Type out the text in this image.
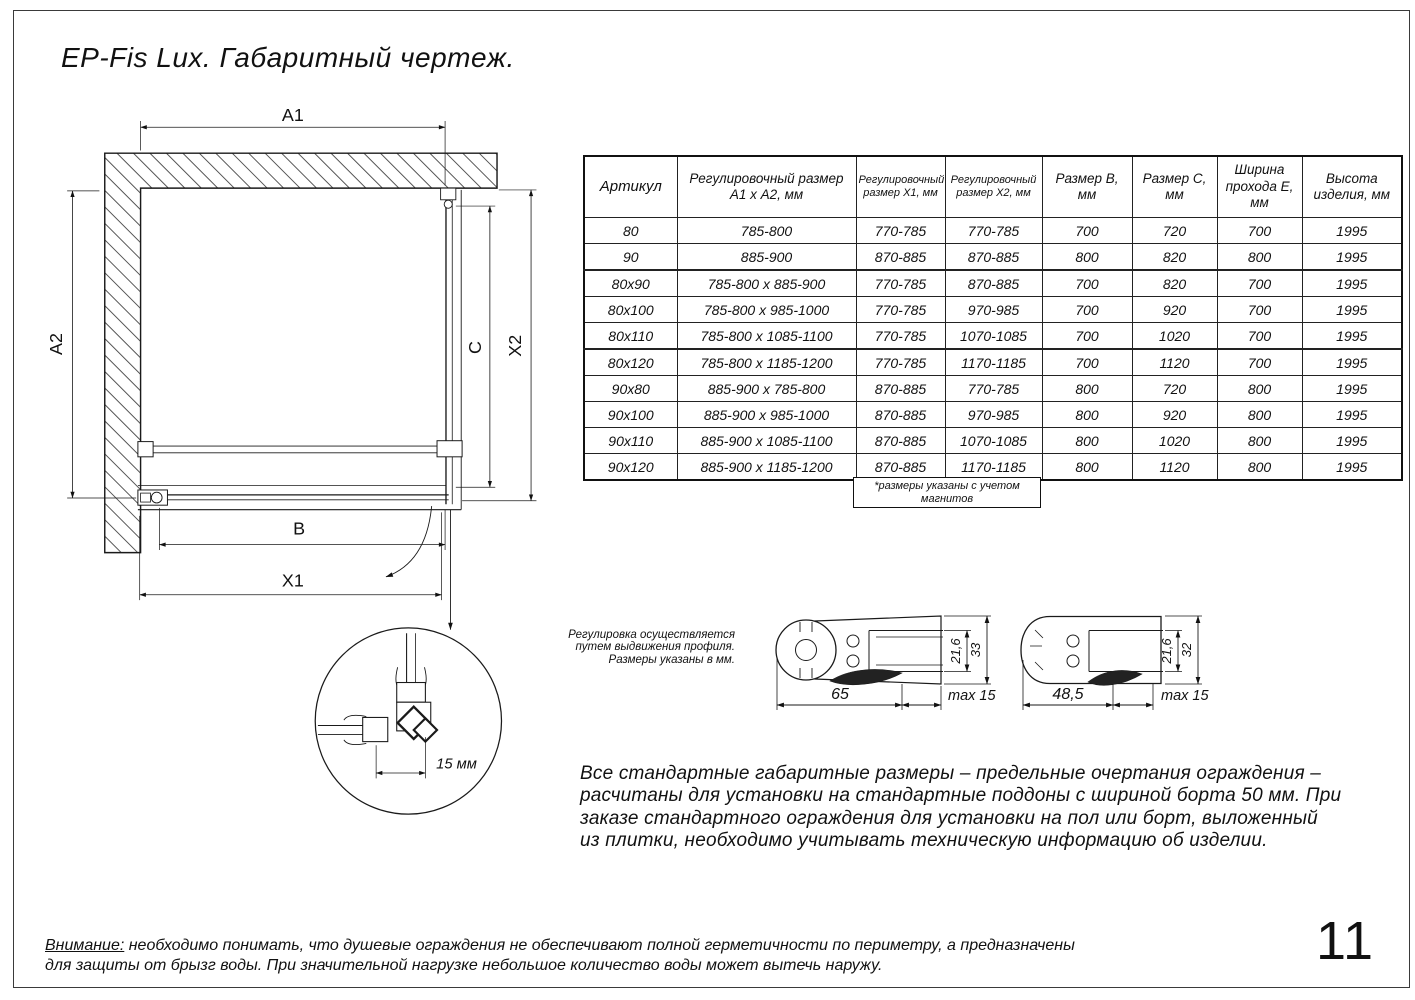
EP-Fis Lux. Габаритный чертеж.
A1
A2
B
X1
C X2
15 мм
21,6 33
65	max 15
21,6 32
48,5	max 15
Артикул	Регулировочный размер А1 х А2, мм	Регулировочный размер Х1, мм	Регулировочный размер Х2, мм	Размер В, мм	Размер С, мм	Ширина прохода Е, мм	Высота изделия, мм
80	785-800	770-785	770-785	700	720	700	1995
90	885-900	870-885	870-885	800	820	800	1995
80х90	785-800 х 885-900	770-785	870-885	700	820	700	1995
80х100	785-800 х 985-1000	770-785	970-985	700	920	700	1995
80х110	785-800 х 1085-1100	770-785	1070-1085	700	1020	700	1995
80х120	785-800 х 1185-1200	770-785	1170-1185	700	1120	700	1995
90х80	885-900 х 785-800	870-885	770-785	800	720	800	1995
90х100	885-900 х 985-1000	870-885	970-985	800	920	800	1995
90х110	885-900 х 1085-1100	870-885	1070-1085	800	1020	800	1995
90х120	885-900 х 1185-1200	870-885	1170-1185	800	1120	800	1995
*размеры указаны с учетом магнитов
Регулировка осуществляется
путем выдвижения профиля.
Размеры указаны в мм.
Все стандартные габаритные размеры – предельные очертания ограждения –
расчитаны для установки на стандартные поддоны с шириной борта 50 мм. При
заказе стандартного ограждения для установки на пол или борт, выложенный
из плитки, необходимо учитывать техническую информацию об изделии.
Внимание: необходимо понимать, что душевые ограждения не обеспечивают полной герметичности по периметру, а предназначены
для защиты от брызг воды. При значительной нагрузке небольшое количество воды может вытечь наружу.	11
